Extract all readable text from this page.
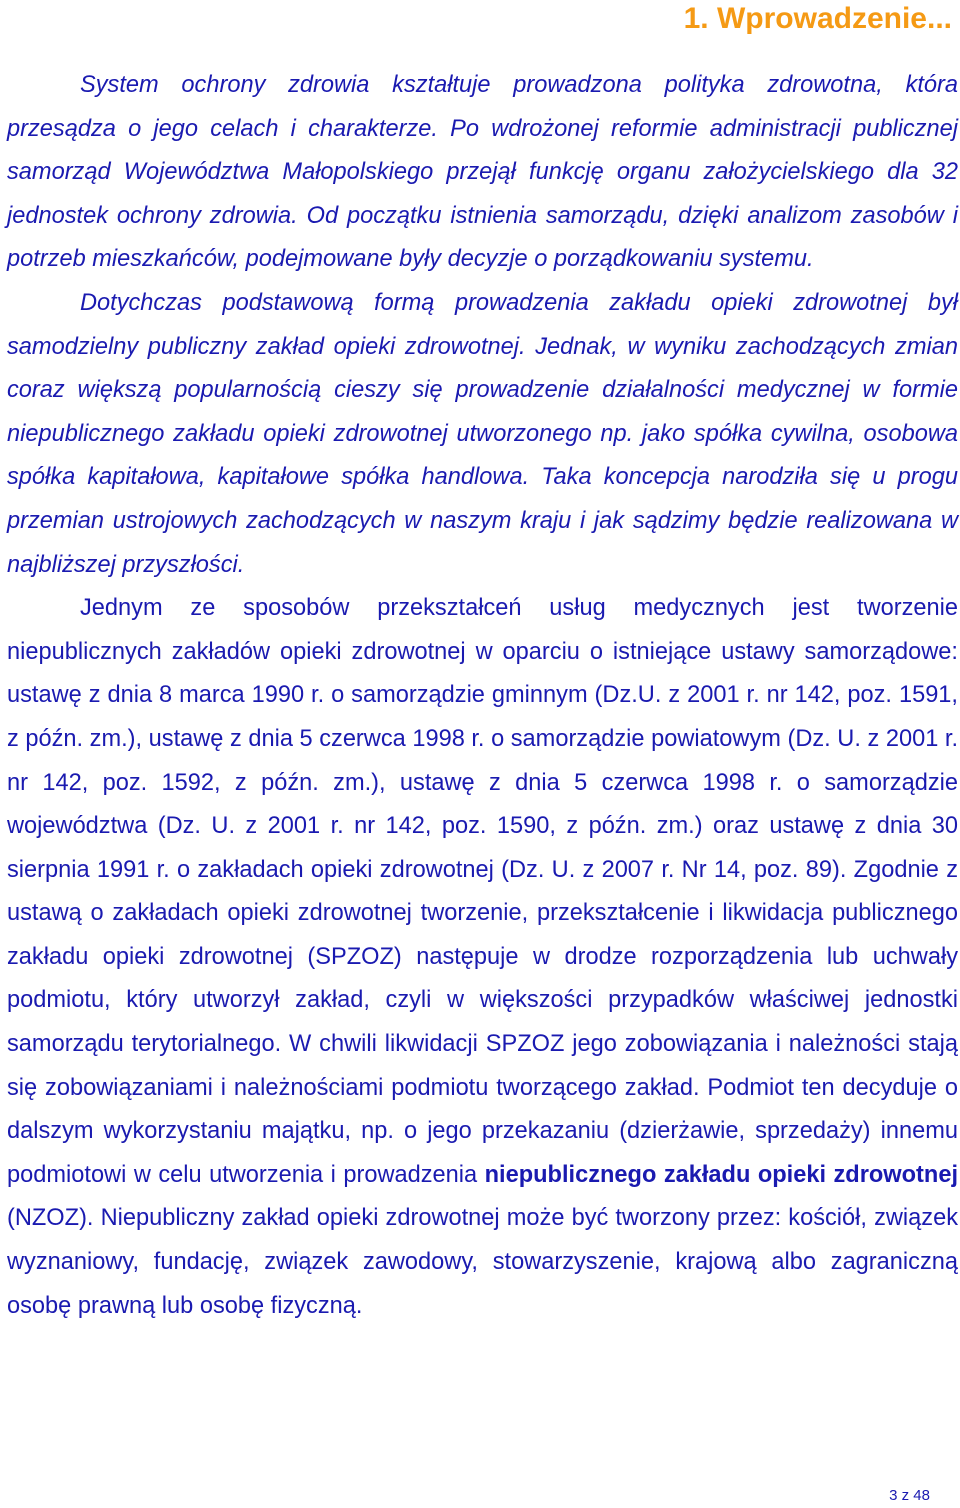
1. Wprowadzenie...

System ochrony zdrowia kształtuje prowadzona polityka zdrowotna, która przesądza o jego celach i charakterze. Po wdrożonej reformie administracji publicznej samorząd Województwa Małopolskiego przejął funkcję organu założycielskiego dla 32 jednostek ochrony zdrowia. Od początku istnienia samorządu, dzięki analizom zasobów i potrzeb mieszkańców, podejmowane były decyzje o porządkowaniu systemu.

Dotychczas podstawową formą prowadzenia zakładu opieki zdrowotnej był samodzielny publiczny zakład opieki zdrowotnej. Jednak, w wyniku zachodzących zmian coraz większą popularnością cieszy się prowadzenie działalności medycznej w formie niepublicznego zakładu opieki zdrowotnej utworzonego np. jako spółka cywilna, osobowa spółka kapitałowa, kapitałowe spółka handlowa. Taka koncepcja narodziła się u progu przemian ustrojowych zachodzących w naszym kraju i jak sądzimy będzie realizowana w najbliższej przyszłości.

Jednym ze sposobów przekształceń usług medycznych jest tworzenie niepublicznych zakładów opieki zdrowotnej w oparciu o istniejące ustawy samorządowe: ustawę z dnia 8 marca 1990 r. o samorządzie gminnym (Dz.U. z 2001 r. nr 142, poz. 1591, z późn. zm.), ustawę z dnia 5 czerwca 1998 r. o samorządzie powiatowym (Dz. U. z 2001 r. nr 142, poz. 1592, z późn. zm.), ustawę z dnia 5 czerwca 1998 r. o samorządzie województwa (Dz. U. z 2001 r. nr 142, poz. 1590, z późn. zm.) oraz ustawę z dnia 30 sierpnia 1991 r. o zakładach opieki zdrowotnej (Dz. U. z 2007 r. Nr 14, poz. 89). Zgodnie z ustawą o zakładach opieki zdrowotnej tworzenie, przekształcenie i likwidacja publicznego zakładu opieki zdrowotnej (SPZOZ) następuje w drodze rozporządzenia lub uchwały podmiotu, który utworzył zakład, czyli w większości przypadków właściwej jednostki samorządu terytorialnego. W chwili likwidacji SPZOZ jego zobowiązania i należności stają się zobowiązaniami i należnościami podmiotu tworzącego zakład. Podmiot ten decyduje o dalszym wykorzystaniu majątku, np. o jego przekazaniu (dzierżawie, sprzedaży) innemu podmiotowi w celu utworzenia i prowadzenia niepublicznego zakładu opieki zdrowotnej (NZOZ). Niepubliczny zakład opieki zdrowotnej może być tworzony przez: kościół, związek wyznaniowy, fundację, związek zawodowy, stowarzyszenie, krajową albo zagraniczną osobę prawną lub osobę fizyczną.

3 z 48
